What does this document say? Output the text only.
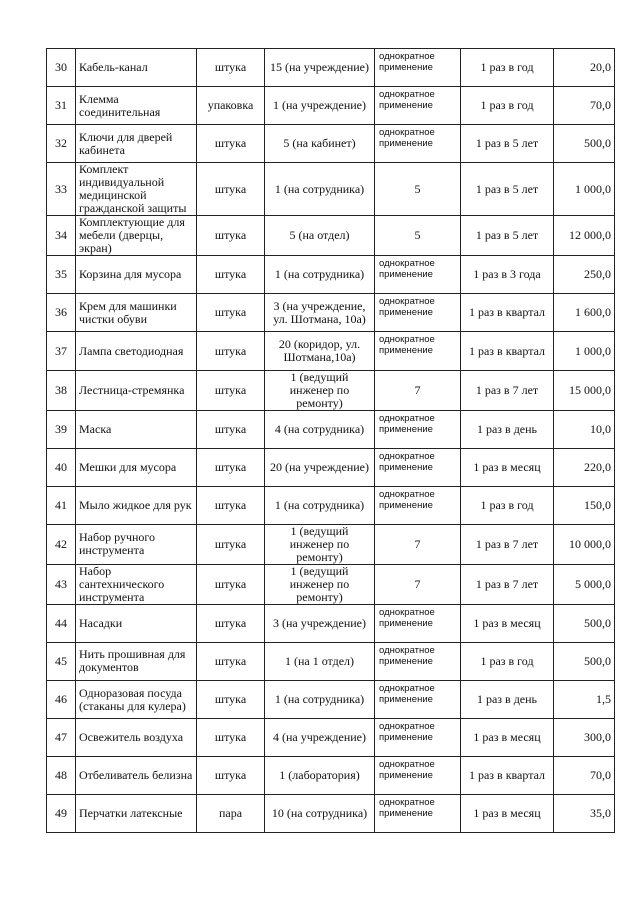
30	Кабель-канал	штука	15 (на учреждение)	однократное применение	1 раз в год	20,0
31	Клемма соединительная	упаковка	1 (на учреждение)	однократное применение	1 раз в год	70,0
32	Ключи для дверей кабинета	штука	5 (на кабинет)	однократное применение	1 раз в 5 лет	500,0
33	Комплект индивидуальной медицинской гражданской защиты	штука	1 (на сотрудника)	5	1 раз в 5 лет	1 000,0
34	Комплектующие для мебели (дверцы, экран)	штука	5 (на отдел)	5	1 раз в 5 лет	12 000,0
35	Корзина для мусора	штука	1 (на сотрудника)	однократное применение	1 раз в 3 года	250,0
36	Крем для машинки чистки обуви	штука	3 (на учреждение, ул. Шотмана, 10а)	однократное применение	1 раз в квартал	1 600,0
37	Лампа светодиодная	штука	20 (коридор, ул. Шотмана,10а)	однократное применение	1 раз в квартал	1 000,0
38	Лестница-стремянка	штука	1 (ведущий инженер по ремонту)	7	1 раз в 7 лет	15 000,0
39	Маска	штука	4 (на сотрудника)	однократное применение	1 раз в день	10,0
40	Мешки для мусора	штука	20 (на учреждение)	однократное применение	1 раз в месяц	220,0
41	Мыло жидкое для рук	штука	1 (на сотрудника)	однократное применение	1 раз в год	150,0
42	Набор ручного инструмента	штука	1 (ведущий инженер по ремонту)	7	1 раз в 7 лет	10 000,0
43	Набор сантехнического инструмента	штука	1 (ведущий инженер по ремонту)	7	1 раз в 7 лет	5 000,0
44	Насадки	штука	3 (на учреждение)	однократное применение	1 раз в месяц	500,0
45	Нить прошивная для документов	штука	1 (на 1 отдел)	однократное применение	1 раз в год	500,0
46	Одноразовая посуда (стаканы для кулера)	штука	1 (на сотрудника)	однократное применение	1 раз в день	1,5
47	Освежитель воздуха	штука	4 (на учреждение)	однократное применение	1 раз в месяц	300,0
48	Отбеливатель белизна	штука	1 (лаборатория)	однократное применение	1 раз в квартал	70,0
49	Перчатки латексные	пара	10 (на сотрудника)	однократное применение	1 раз в месяц	35,0
